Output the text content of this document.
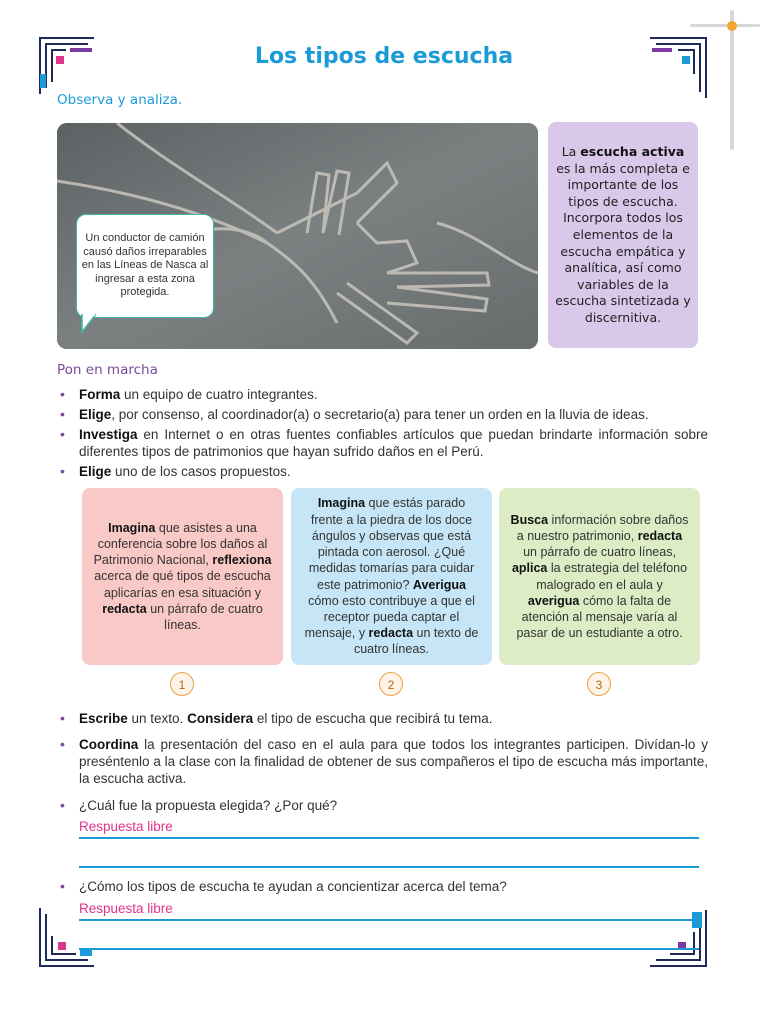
Los tipos de escucha
Observa y analiza.
Un conductor de camión causó daños irreparables en las Líneas de Nasca al ingresar a esta zona protegida.
La escucha activa es la más completa e importante de los tipos de escucha. Incorpora todos los elementos de la escucha empática y analítica, así como variables de la escucha sintetizada y discernitiva.
Pon en marcha
• Forma un equipo de cuatro integrantes.
• Elige, por consenso, al coordinador(a) o secretario(a) para tener un orden en la lluvia de ideas.
• Investiga en Internet o en otras fuentes confiables artículos que puedan brindarte información sobre diferentes tipos de patrimonios que hayan sufrido daños en el Perú.
• Elige uno de los casos propuestos.
Imagina que asistes a una conferencia sobre los daños al Patrimonio Nacional, reflexiona acerca de qué tipos de escucha aplicarías en esa situación y redacta un párrafo de cuatro líneas.
Imagina que estás parado frente a la piedra de los doce ángulos y observas que está pintada con aerosol. ¿Qué medidas tomarías para cuidar este patrimonio? Averigua cómo esto contribuye a que el receptor pueda captar el mensaje, y redacta un texto de cuatro líneas.
Busca información sobre daños a nuestro patrimonio, redacta un párrafo de cuatro líneas, aplica la estrategia del teléfono malogrado en el aula y averigua cómo la falta de atención al mensaje varía al pasar de un estudiante a otro.
1	2	3
• Escribe un texto. Considera el tipo de escucha que recibirá tu tema.
• Coordina la presentación del caso en el aula para que todos los integrantes participen. Divídan-lo y preséntenlo a la clase con la finalidad de obtener de sus compañeros el tipo de escucha más importante, la escucha activa.
• ¿Cuál fue la propuesta elegida? ¿Por qué?
Respuesta libre
• ¿Cómo los tipos de escucha te ayudan a concientizar acerca del tema?
Respuesta libre
